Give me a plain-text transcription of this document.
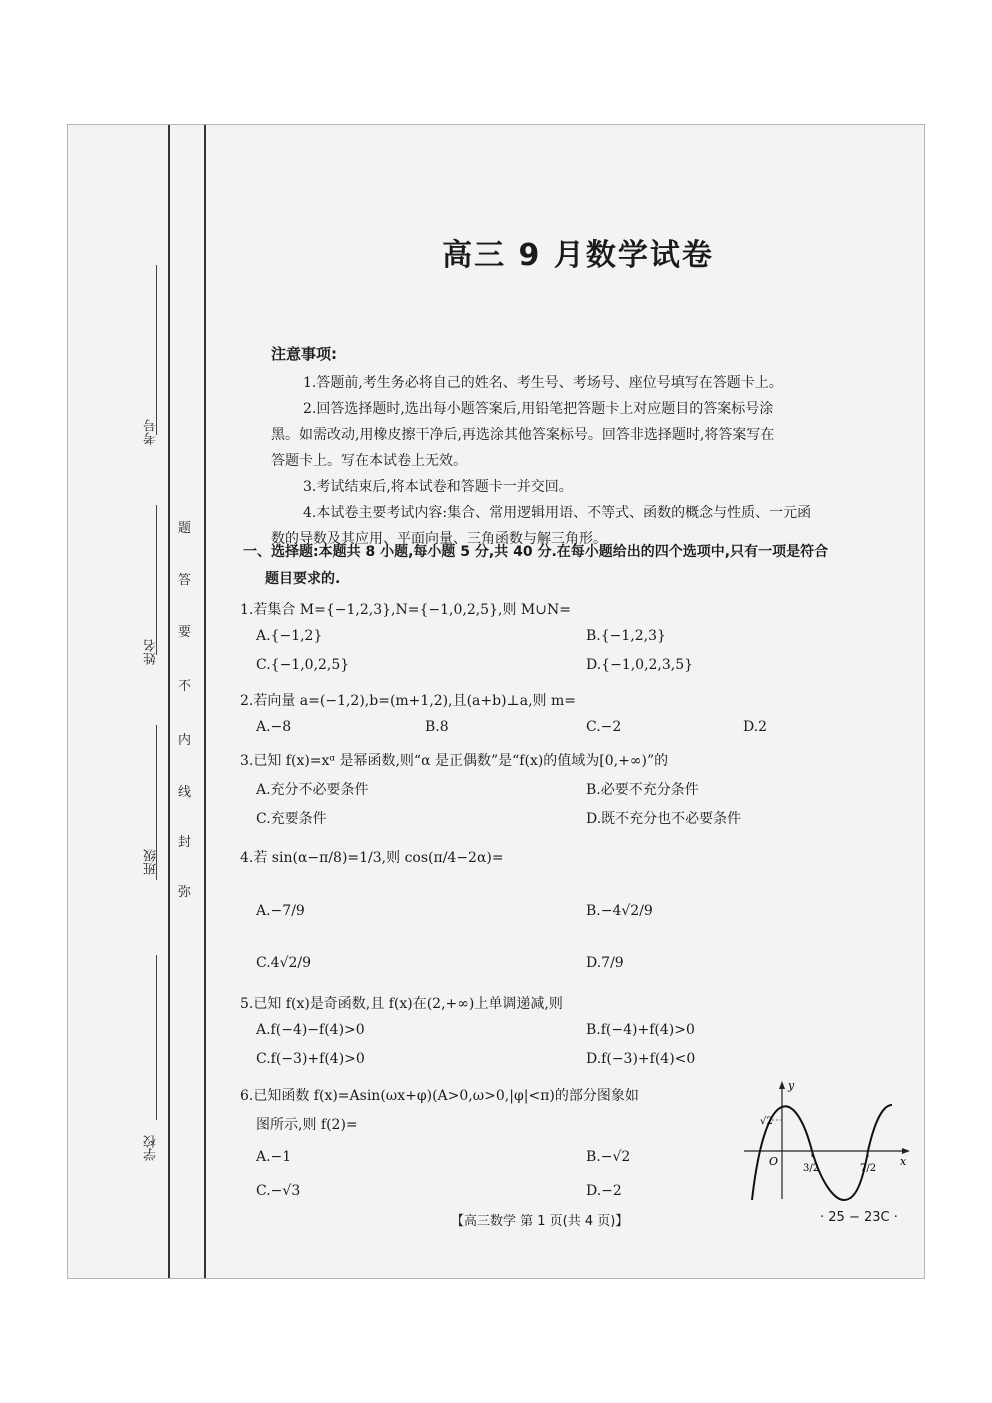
考号
姓名
班级
学校
题
答
要
不
内
线
封
弥
高三 9 月数学试卷
注意事项:
1.答题前,考生务必将自己的姓名、考生号、考场号、座位号填写在答题卡上。
2.回答选择题时,选出每小题答案后,用铅笔把答题卡上对应题目的答案标号涂
黑。如需改动,用橡皮擦干净后,再选涂其他答案标号。回答非选择题时,将答案写在
答题卡上。写在本试卷上无效。
3.考试结束后,将本试卷和答题卡一并交回。
4.本试卷主要考试内容:集合、常用逻辑用语、不等式、函数的概念与性质、一元函
数的导数及其应用、平面向量、三角函数与解三角形。
一、选择题:本题共 8 小题,每小题 5 分,共 40 分.在每小题给出的四个选项中,只有一项是符合
题目要求的.
1.若集合 M={−1,2,3},N={−1,0,2,5},则 M∪N=
A.{−1,2}	B.{−1,2,3}
C.{−1,0,2,5}	D.{−1,0,2,3,5}
2.若向量 a=(−1,2),b=(m+1,2),且(a+b)⊥a,则 m=
A.−8	B.8	C.−2	D.2
3.已知 f(x)=xᵅ 是幂函数,则“α 是正偶数”是“f(x)的值域为[0,+∞)”的
A.充分不必要条件	B.必要不充分条件
C.充要条件	D.既不充分也不必要条件
4.若 sin(α−π/8)=1/3,则 cos(π/4−2α)=
A.−7/9	B.−4√2/9
C.4√2/9	D.7/9
5.已知 f(x)是奇函数,且 f(x)在(2,+∞)上单调递减,则
A.f(−4)−f(4)>0	B.f(−4)+f(4)>0
C.f(−3)+f(4)>0	D.f(−3)+f(4)<0
6.已知函数 f(x)=Asin(ωx+φ)(A>0,ω>0,|φ|<π)的部分图象如
图所示,则 f(2)=
A.−1	B.−√2
C.−√3	D.−2
y
x
O
√2
3/2	7/2
【高三数学 第 1 页(共 4 页)】	· 25 − 23C ·
